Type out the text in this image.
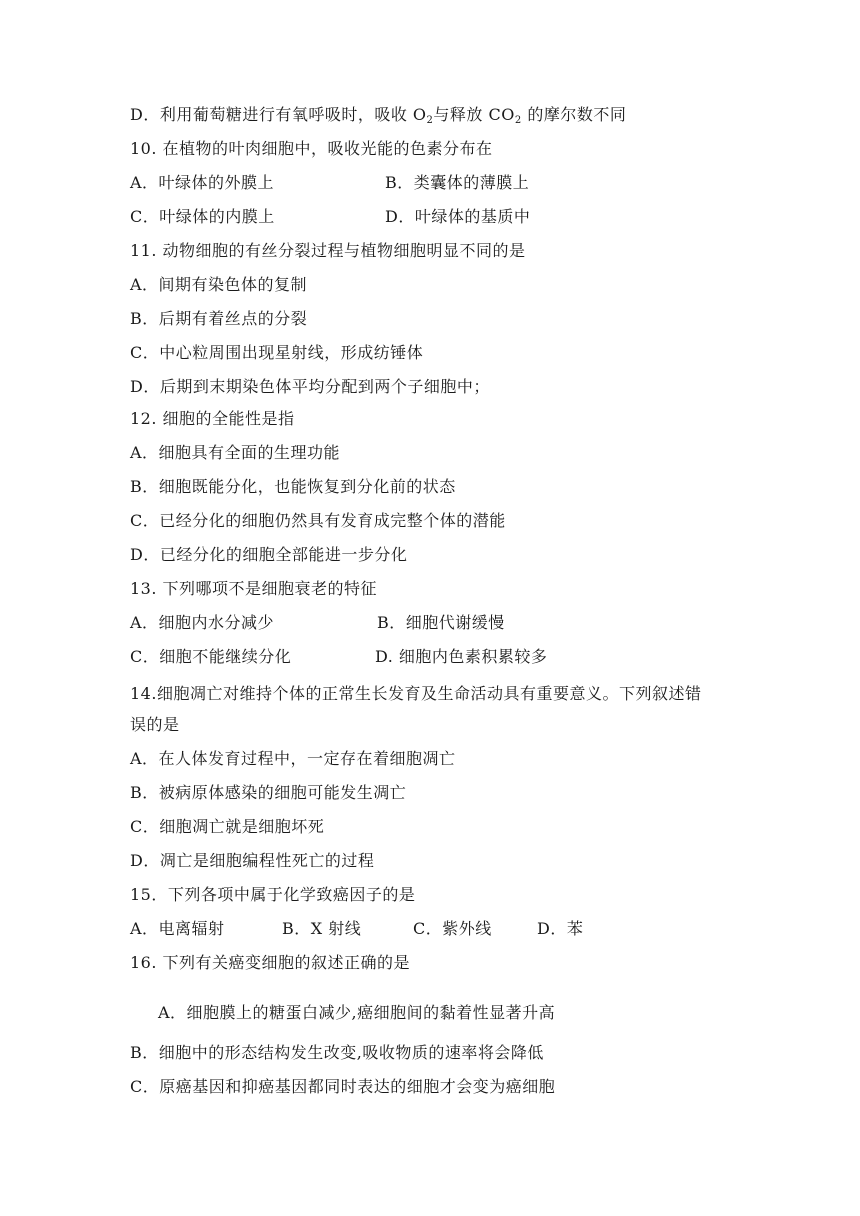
D．利用葡萄糖进行有氧呼吸时，吸收 $O_2$与释放 $CO_2$ 的摩尔数不同
10. 在植物的叶肉细胞中，吸收光能的色素分布在
A．叶绿体的外膜上	B．类囊体的薄膜上
C．叶绿体的内膜上	D．叶绿体的基质中
11. 动物细胞的有丝分裂过程与植物细胞明显不同的是
A．间期有染色体的复制
B．后期有着丝点的分裂
C．中心粒周围出现星射线，形成纺锤体
D．后期到末期染色体平均分配到两个子细胞中；
12. 细胞的全能性是指
A．细胞具有全面的生理功能
B．细胞既能分化，也能恢复到分化前的状态
C．已经分化的细胞仍然具有发育成完整个体的潜能
D．已经分化的细胞全部能进一步分化
13. 下列哪项不是细胞衰老的特征
A．细胞内水分减少	B．细胞代谢缓慢
C．细胞不能继续分化	D. 细胞内色素积累较多
14.细胞凋亡对维持个体的正常生长发育及生命活动具有重要意义。下列叙述错
误的是
A．在人体发育过程中，一定存在着细胞凋亡
B．被病原体感染的细胞可能发生凋亡
C．细胞凋亡就是细胞坏死
D．凋亡是细胞编程性死亡的过程
15．下列各项中属于化学致癌因子的是
A．电离辐射	B．X 射线	C．紫外线	D．苯
16. 下列有关癌变细胞的叙述正确的是
A．细胞膜上的糖蛋白减少,癌细胞间的黏着性显著升高
B．细胞中的形态结构发生改变,吸收物质的速率将会降低
C．原癌基因和抑癌基因都同时表达的细胞才会变为癌细胞
